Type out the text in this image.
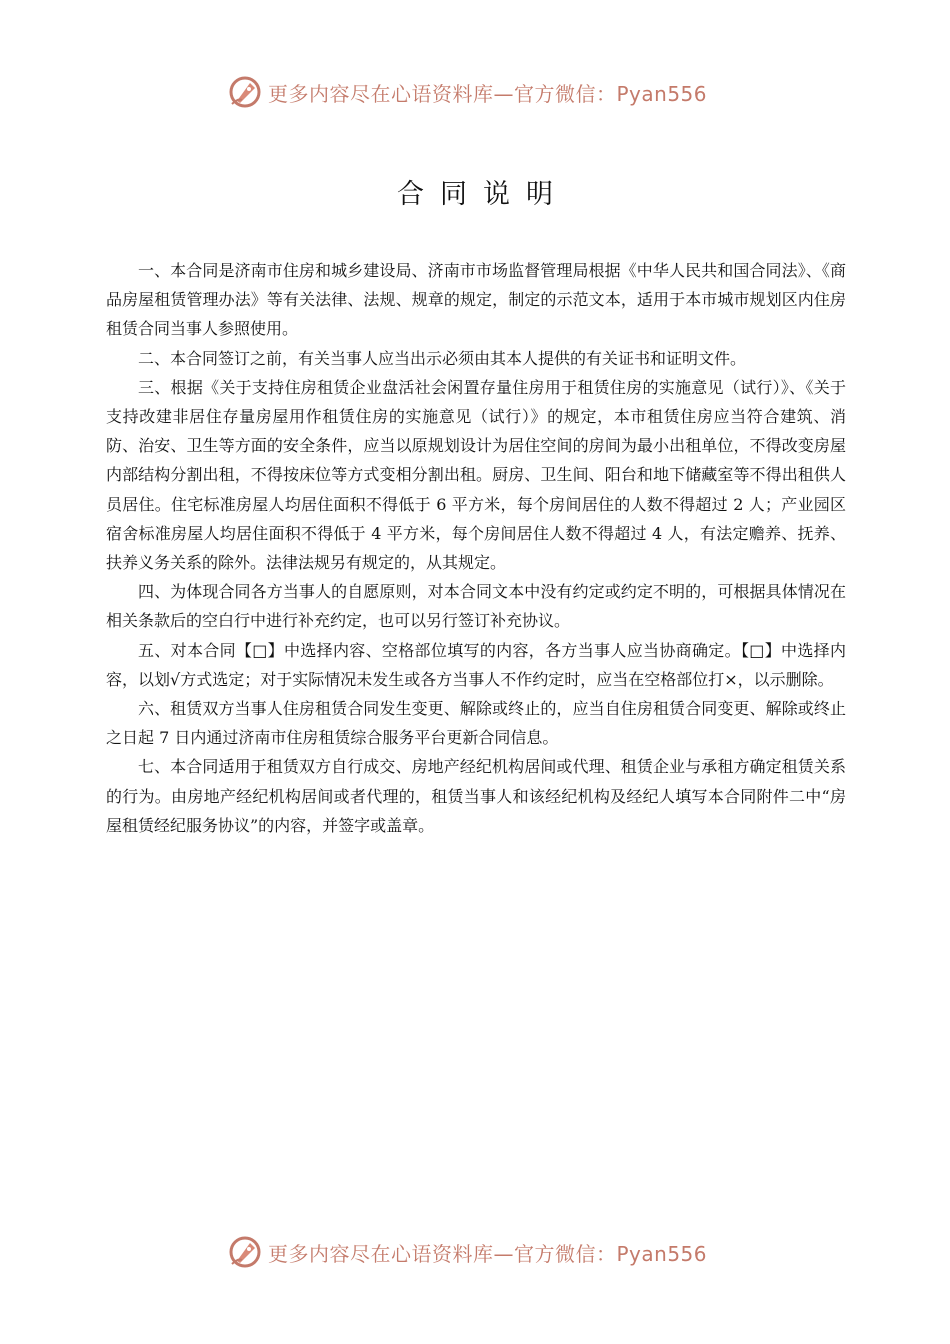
更多内容尽在心语资料库—官方微信：Pyan556
合同说明

一、本合同是济南市住房和城乡建设局、济南市市场监督管理局根据《中华人民共和国合同法》、《商品房屋租赁管理办法》等有关法律、法规、规章的规定，制定的示范文本，适用于本市城市规划区内住房租赁合同当事人参照使用。

二、本合同签订之前，有关当事人应当出示必须由其本人提供的有关证书和证明文件。

三、根据《关于支持住房租赁企业盘活社会闲置存量住房用于租赁住房的实施意见（试行）》、《关于支持改建非居住存量房屋用作租赁住房的实施意见（试行）》的规定，本市租赁住房应当符合建筑、消防、治安、卫生等方面的安全条件，应当以原规划设计为居住空间的房间为最小出租单位，不得改变房屋内部结构分割出租，不得按床位等方式变相分割出租。厨房、卫生间、阳台和地下储藏室等不得出租供人员居住。住宅标准房屋人均居住面积不得低于 6 平方米，每个房间居住的人数不得超过 2 人；产业园区宿舍标准房屋人均居住面积不得低于 4 平方米，每个房间居住人数不得超过 4 人，有法定赡养、抚养、扶养义务关系的除外。法律法规另有规定的，从其规定。

四、为体现合同各方当事人的自愿原则，对本合同文本中没有约定或约定不明的，可根据具体情况在相关条款后的空白行中进行补充约定，也可以另行签订补充协议。

五、对本合同【□】中选择内容、空格部位填写的内容，各方当事人应当协商确定。【□】中选择内容，以划√方式选定；对于实际情况未发生或各方当事人不作约定时，应当在空格部位打×，以示删除。

六、租赁双方当事人住房租赁合同发生变更、解除或终止的，应当自住房租赁合同变更、解除或终止之日起 7 日内通过济南市住房租赁综合服务平台更新合同信息。

七、本合同适用于租赁双方自行成交、房地产经纪机构居间或代理、租赁企业与承租方确定租赁关系的行为。由房地产经纪机构居间或者代理的，租赁当事人和该经纪机构及经纪人填写本合同附件二中“房屋租赁经纪服务协议”的内容，并签字或盖章。

更多内容尽在心语资料库—官方微信：Pyan556
